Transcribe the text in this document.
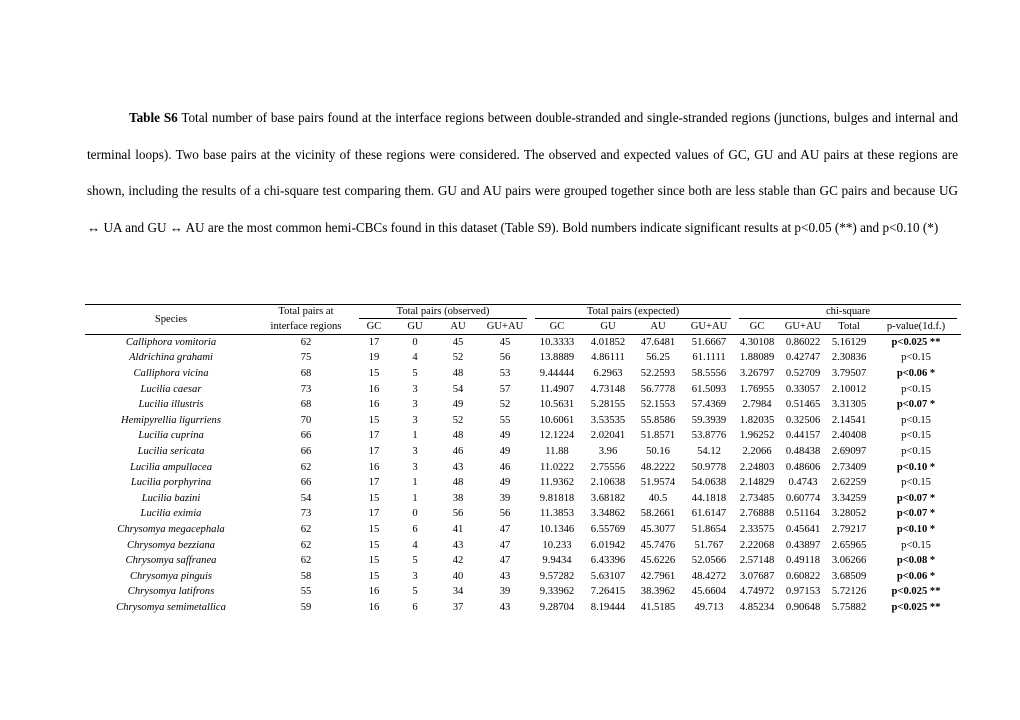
Table S6 Total number of base pairs found at the interface regions between double-stranded and single-stranded regions (junctions, bulges and internal and terminal loops). Two base pairs at the vicinity of these regions were considered. The observed and expected values of GC, GU and AU pairs at these regions are shown, including the results of a chi-square test comparing them. GU and AU pairs were grouped together since both are less stable than GC pairs and because UG ↔ UA and GU ↔ AU are the most common hemi-CBCs found in this dataset (Table S9). Bold numbers indicate significant results at p<0.05 (**) and p<0.10 (*)

Species	Total pairs at	Total pairs (observed)				Total pairs (expected)				chi-square			
	interface regions	GC	GU	AU	GU+AU	GC	GU	AU	GU+AU	GC	GU+AU	Total	p-value(1d.f.)
Calliphora vomitoria	62	17	0	45	45	10.3333	4.01852	47.6481	51.6667	4.30108	0.86022	5.16129	p<0.025 **
Aldrichina grahami	75	19	4	52	56	13.8889	4.86111	56.25	61.1111	1.88089	0.42747	2.30836	p<0.15
Calliphora vicina	68	15	5	48	53	9.44444	6.2963	52.2593	58.5556	3.26797	0.52709	3.79507	p<0.06 *
Lucilia caesar	73	16	3	54	57	11.4907	4.73148	56.7778	61.5093	1.76955	0.33057	2.10012	p<0.15
Lucilia illustris	68	16	3	49	52	10.5631	5.28155	52.1553	57.4369	2.7984	0.51465	3.31305	p<0.07 *
Hemipyrellia ligurriens	70	15	3	52	55	10.6061	3.53535	55.8586	59.3939	1.82035	0.32506	2.14541	p<0.15
Lucilia cuprina	66	17	1	48	49	12.1224	2.02041	51.8571	53.8776	1.96252	0.44157	2.40408	p<0.15
Lucilia sericata	66	17	3	46	49	11.88	3.96	50.16	54.12	2.2066	0.48438	2.69097	p<0.15
Lucilia ampullacea	62	16	3	43	46	11.0222	2.75556	48.2222	50.9778	2.24803	0.48606	2.73409	p<0.10 *
Lucilia porphyrina	66	17	1	48	49	11.9362	2.10638	51.9574	54.0638	2.14829	0.4743	2.62259	p<0.15
Lucilia bazini	54	15	1	38	39	9.81818	3.68182	40.5	44.1818	2.73485	0.60774	3.34259	p<0.07 *
Lucilia eximia	73	17	0	56	56	11.3853	3.34862	58.2661	61.6147	2.76888	0.51164	3.28052	p<0.07 *
Chrysomya megacephala	62	15	6	41	47	10.1346	6.55769	45.3077	51.8654	2.33575	0.45641	2.79217	p<0.10 *
Chrysomya bezziana	62	15	4	43	47	10.233	6.01942	45.7476	51.767	2.22068	0.43897	2.65965	p<0.15
Chrysomya saffranea	62	15	5	42	47	9.9434	6.43396	45.6226	52.0566	2.57148	0.49118	3.06266	p<0.08 *
Chrysomya pinguis	58	15	3	40	43	9.57282	5.63107	42.7961	48.4272	3.07687	0.60822	3.68509	p<0.06 *
Chrysomya latifrons	55	16	5	34	39	9.33962	7.26415	38.3962	45.6604	4.74972	0.97153	5.72126	p<0.025 **
Chrysomya semimetallica	59	16	6	37	43	9.28704	8.19444	41.5185	49.713	4.85234	0.90648	5.75882	p<0.025 **
